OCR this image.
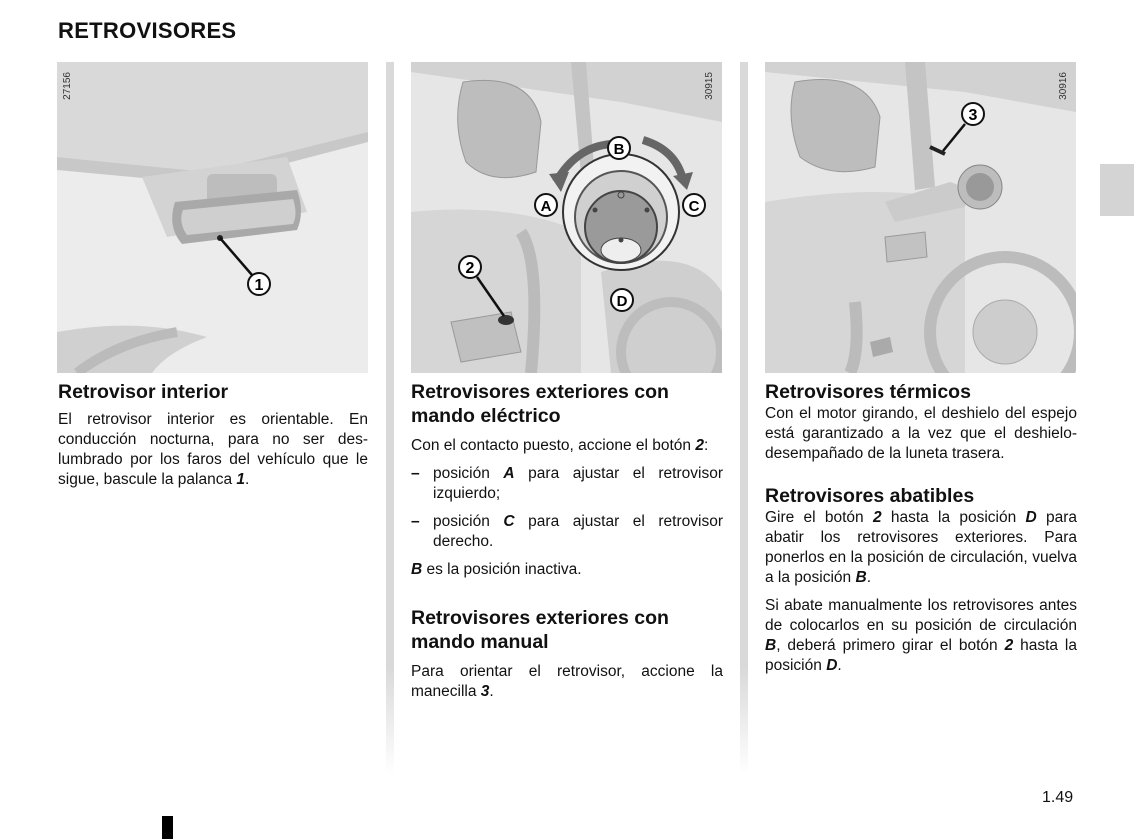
RETROVISORES
1
27156
B
A	C
D
2
30915
3
30916
Retrovisor interior

El retrovisor interior es orientable. En conducción nocturna, para no ser des-lumbrado por los faros del vehículo que le sigue, bascule la palanca 1.

Retrovisores exteriores con mando eléctrico

Con el contacto puesto, accione el botón 2:

– posición A para ajustar el retrovisor izquierdo;
– posición C para ajustar el retrovisor derecho.

B es la posición inactiva.

Retrovisores exteriores con mando manual

Para orientar el retrovisor, accione la manecilla 3.

Retrovisores térmicos

Con el motor girando, el deshielo del espejo está garantizado a la vez que el deshielo-desempañado de la luneta trasera.

Retrovisores abatibles

Gire el botón 2 hasta la posición D para abatir los retrovisores exteriores. Para ponerlos en la posición de circulación, vuelva a la posición B.

Si abate manualmente los retrovisores antes de colocarlos en su posición de circulación B, deberá primero girar el botón 2 hasta la posición D.

1.49
